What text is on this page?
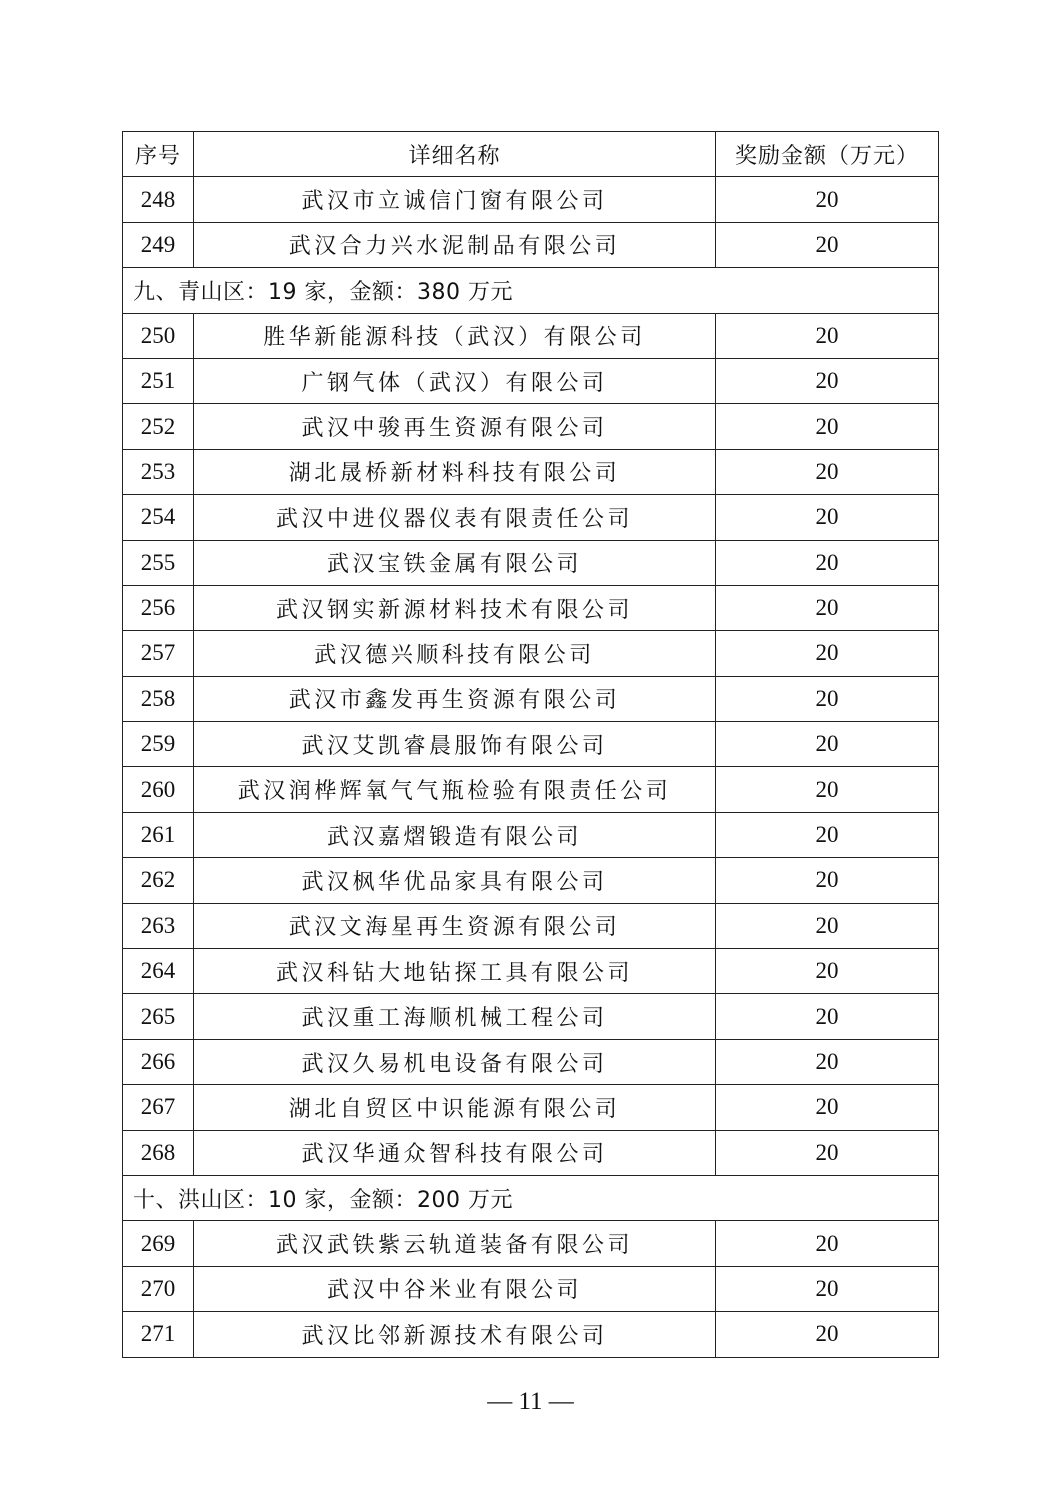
序号	详细名称	奖励金额（万元）
248	武汉市立诚信门窗有限公司	20
249	武汉合力兴水泥制品有限公司	20
九、青山区：19 家，金额：380 万元		
250	胜华新能源科技（武汉）有限公司	20
251	广钢气体（武汉）有限公司	20
252	武汉中骏再生资源有限公司	20
253	湖北晟桥新材料科技有限公司	20
254	武汉中进仪器仪表有限责任公司	20
255	武汉宝铁金属有限公司	20
256	武汉钢实新源材料技术有限公司	20
257	武汉德兴顺科技有限公司	20
258	武汉市鑫发再生资源有限公司	20
259	武汉艾凯睿晨服饰有限公司	20
260	武汉润桦辉氧气气瓶检验有限责任公司	20
261	武汉嘉熠锻造有限公司	20
262	武汉枫华优品家具有限公司	20
263	武汉文海星再生资源有限公司	20
264	武汉科钻大地钻探工具有限公司	20
265	武汉重工海顺机械工程公司	20
266	武汉久易机电设备有限公司	20
267	湖北自贸区中识能源有限公司	20
268	武汉华通众智科技有限公司	20
十、洪山区：10 家，金额：200 万元		
269	武汉武铁紫云轨道装备有限公司	20
270	武汉中谷米业有限公司	20
271	武汉比邻新源技术有限公司	20
— 11 —
